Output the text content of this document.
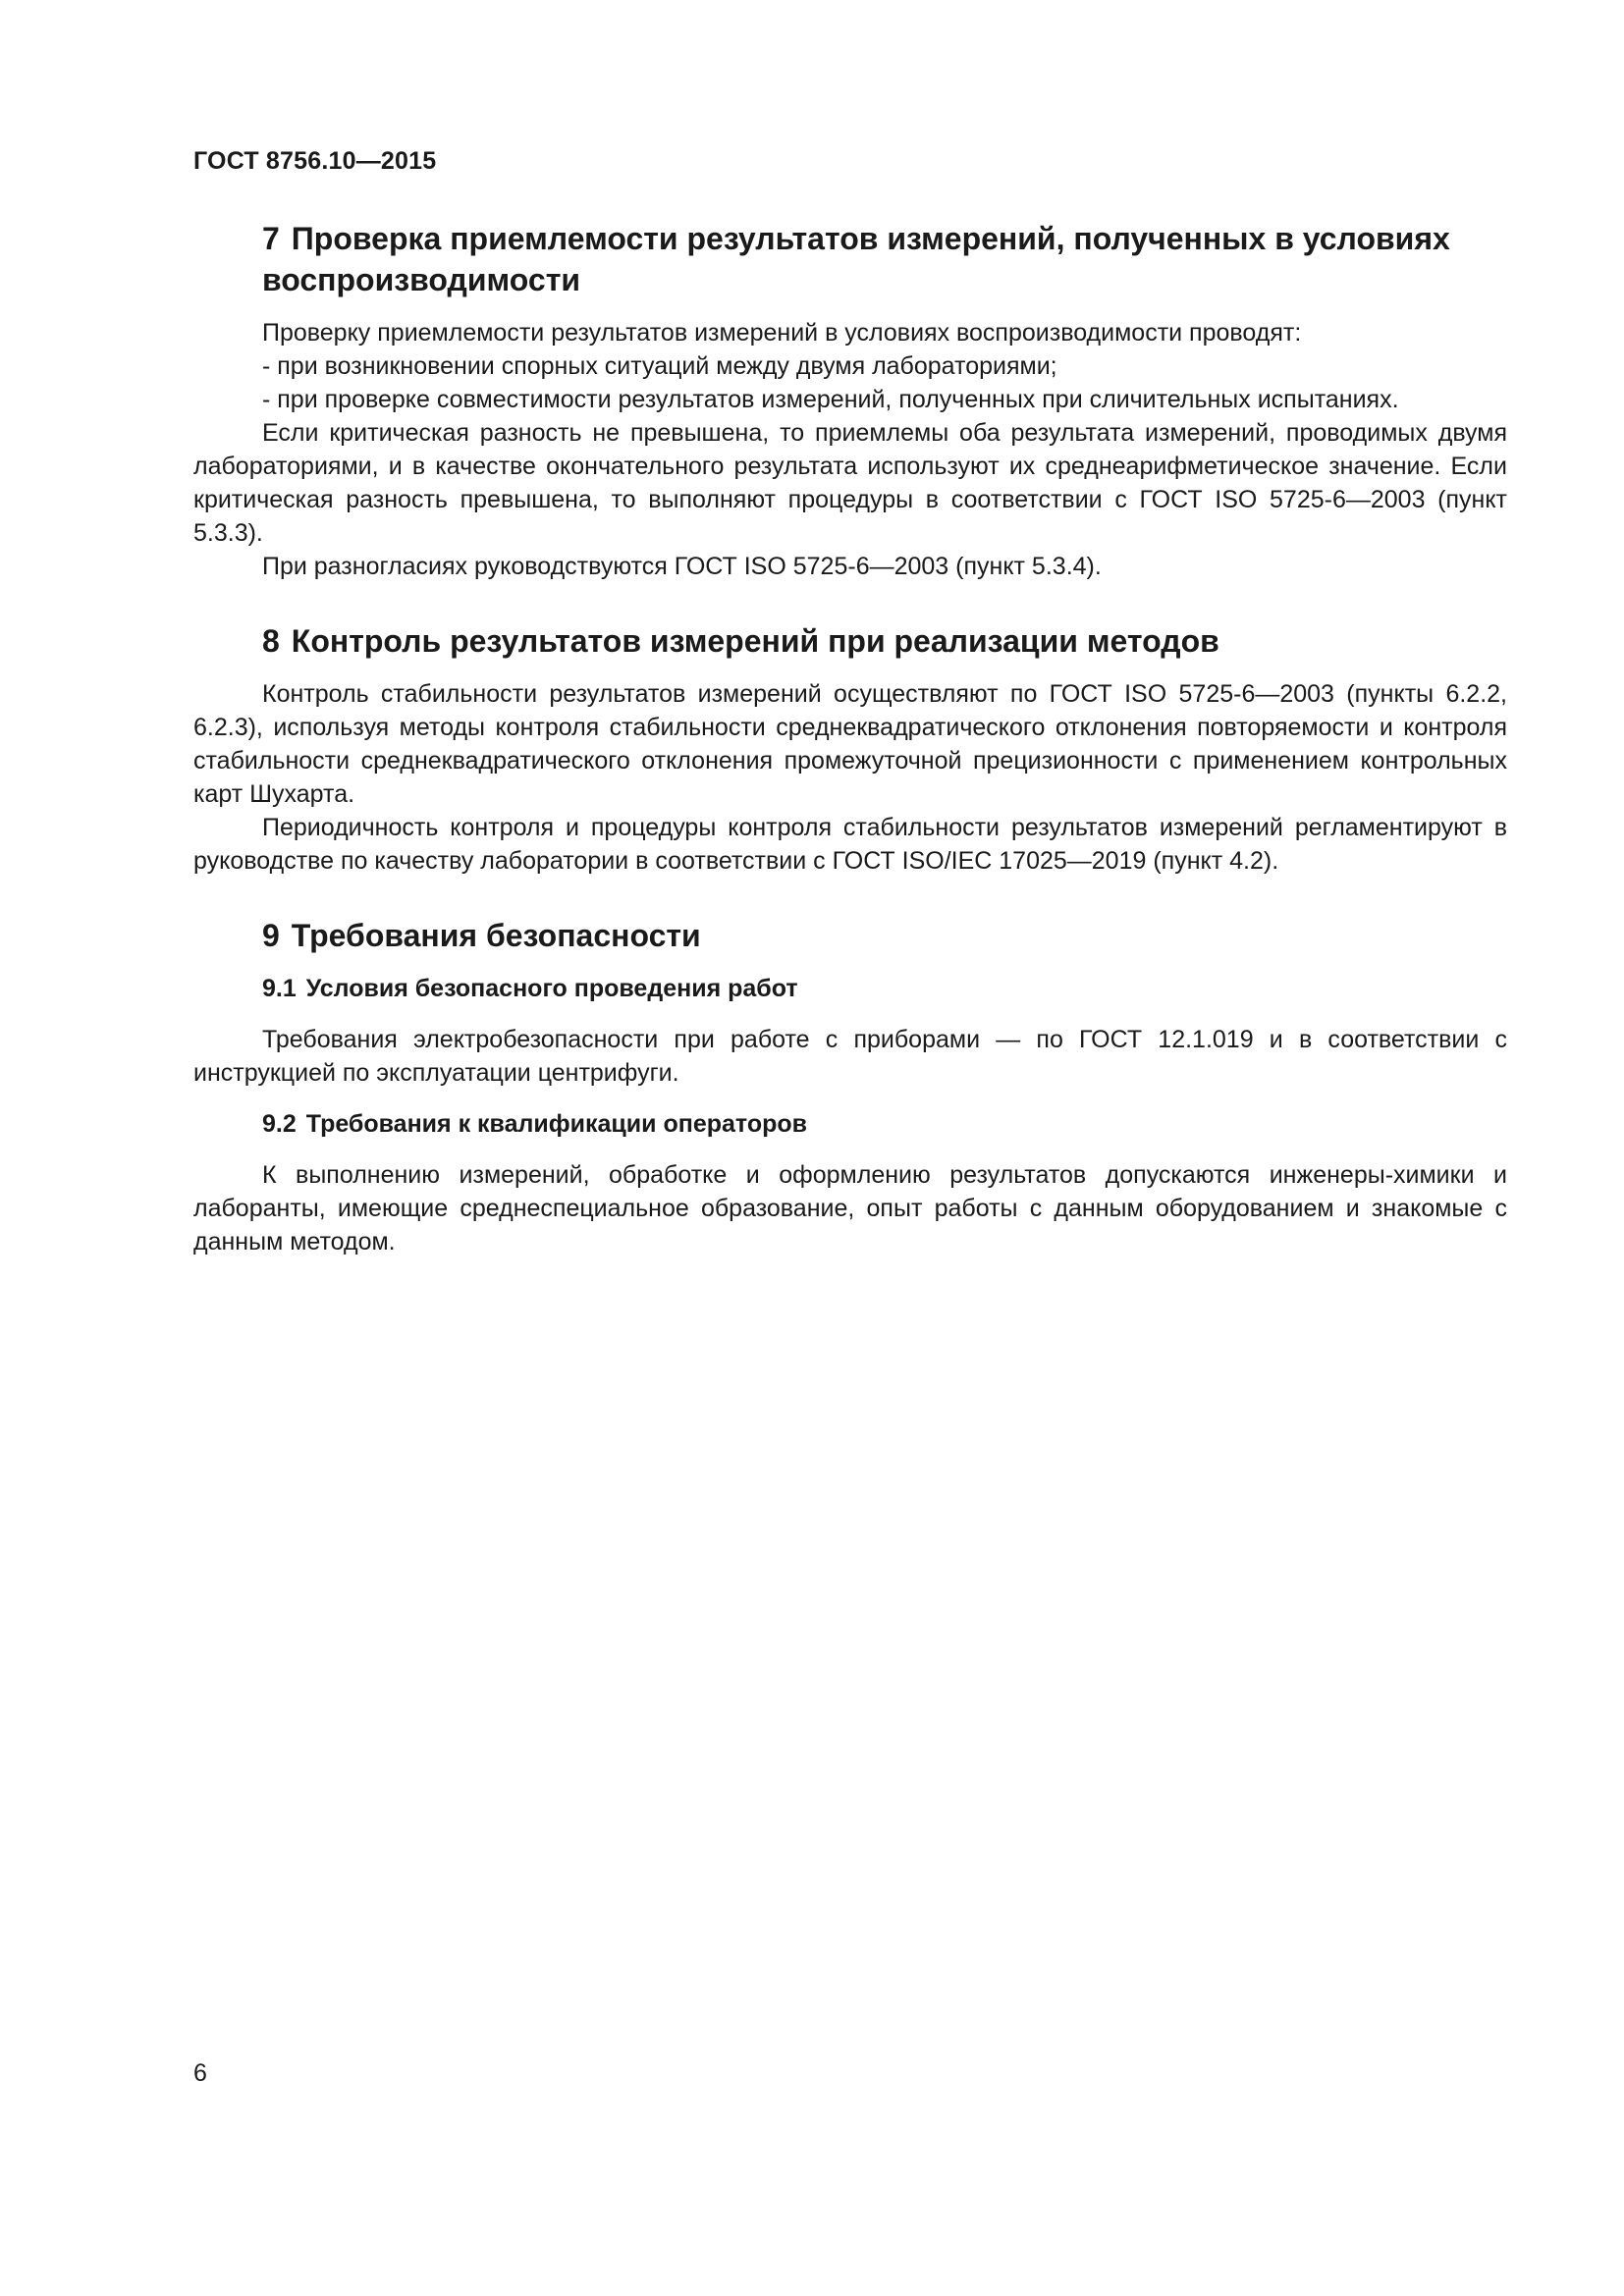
ГОСТ 8756.10—2015
7 Проверка приемлемости результатов измерений, полученных в условиях воспроизводимости

Проверку приемлемости результатов измерений в условиях воспроизводимости проводят:

- при возникновении спорных ситуаций между двумя лабораториями;

- при проверке совместимости результатов измерений, полученных при сличительных испытаниях.

Если критическая разность не превышена, то приемлемы оба результата измерений, проводимых двумя лабораториями, и в качестве окончательного результата используют их среднеарифметическое значение. Если критическая разность превышена, то выполняют процедуры в соответствии с ГОСТ ISO 5725-6—2003 (пункт 5.3.3).

При разногласиях руководствуются ГОСТ ISO 5725-6—2003 (пункт 5.3.4).

8 Контроль результатов измерений при реализации методов

Контроль стабильности результатов измерений осуществляют по ГОСТ ISO 5725-6—2003 (пункты 6.2.2, 6.2.3), используя методы контроля стабильности среднеквадратического отклонения повторяемости и контроля стабильности среднеквадратического отклонения промежуточной прецизионности с применением контрольных карт Шухарта.

Периодичность контроля и процедуры контроля стабильности результатов измерений регламентируют в руководстве по качеству лаборатории в соответствии с ГОСТ ISO/IEC 17025—2019 (пункт 4.2).

9 Требования безопасности
9.1 Условия безопасного проведения работ

Требования электробезопасности при работе с приборами — по ГОСТ 12.1.019 и в соответствии с инструкцией по эксплуатации центрифуги.

9.2 Требования к квалификации операторов

К выполнению измерений, обработке и оформлению результатов допускаются инженеры-химики и лаборанты, имеющие среднеспециальное образование, опыт работы с данным оборудованием и знакомые с данным методом.

6
